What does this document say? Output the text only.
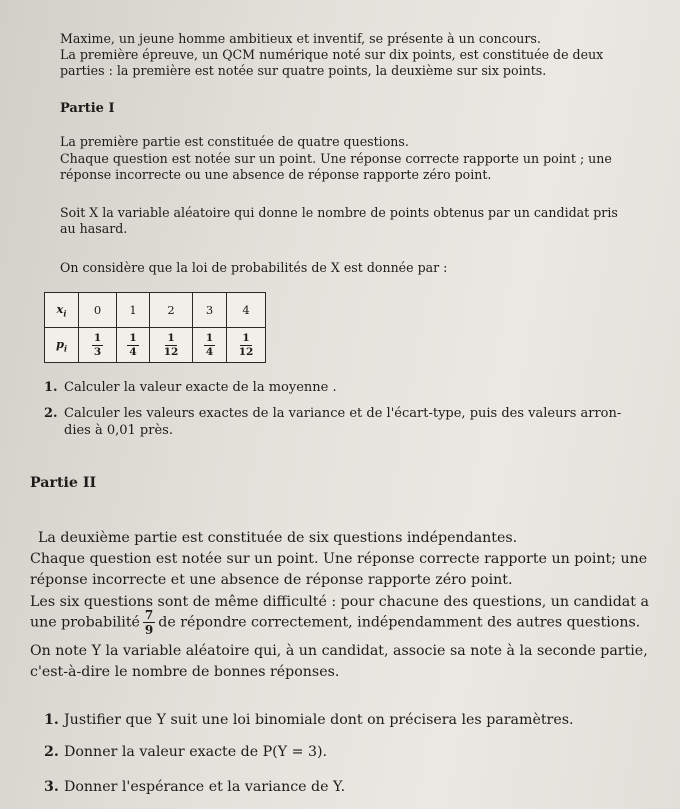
Maxime, un jeune homme ambitieux et inventif, se présente à un concours.

La première épreuve, un QCM numérique noté sur dix points, est constituée de deux

parties : la première est notée sur quatre points, la deuxième sur six points.

Partie I

La première partie est constituée de quatre questions.

Chaque question est notée sur un point. Une réponse correcte rapporte un point ; une

réponse incorrecte ou une absence de réponse rapporte zéro point.

Soit X la variable aléatoire qui donne le nombre de points obtenus par un candidat pris

au hasard.

On considère que la loi de probabilités de X est donnée par :

$x_i$	0	1	2	3	4
$p_i$	$\frac{1}{3}$	$\frac{1}{4}$	$\frac{1}{12}$	$\frac{1}{4}$	$\frac{1}{12}$

1. Calculer la valeur exacte de la moyenne .

2. Calculer les valeurs exactes de la variance et de l'écart-type, puis des valeurs arron-

dies à 0,01 près.

Partie II

La deuxième partie est constituée de six questions indépendantes.

Chaque question est notée sur un point. Une réponse correcte rapporte un point; une

réponse incorrecte et une absence de réponse rapporte zéro point.

Les six questions sont de même difficulté : pour chacune des questions, un candidat a

une probabilité $\frac{7}{9}$ de répondre correctement, indépendamment des autres questions.

On note Y la variable aléatoire qui, à un candidat, associe sa note à la seconde partie,

c'est-à-dire le nombre de bonnes réponses.

1. Justifier que Y suit une loi binomiale dont on précisera les paramètres.

2. Donner la valeur exacte de P(Y = 3).

3. Donner l'espérance et la variance de Y.
